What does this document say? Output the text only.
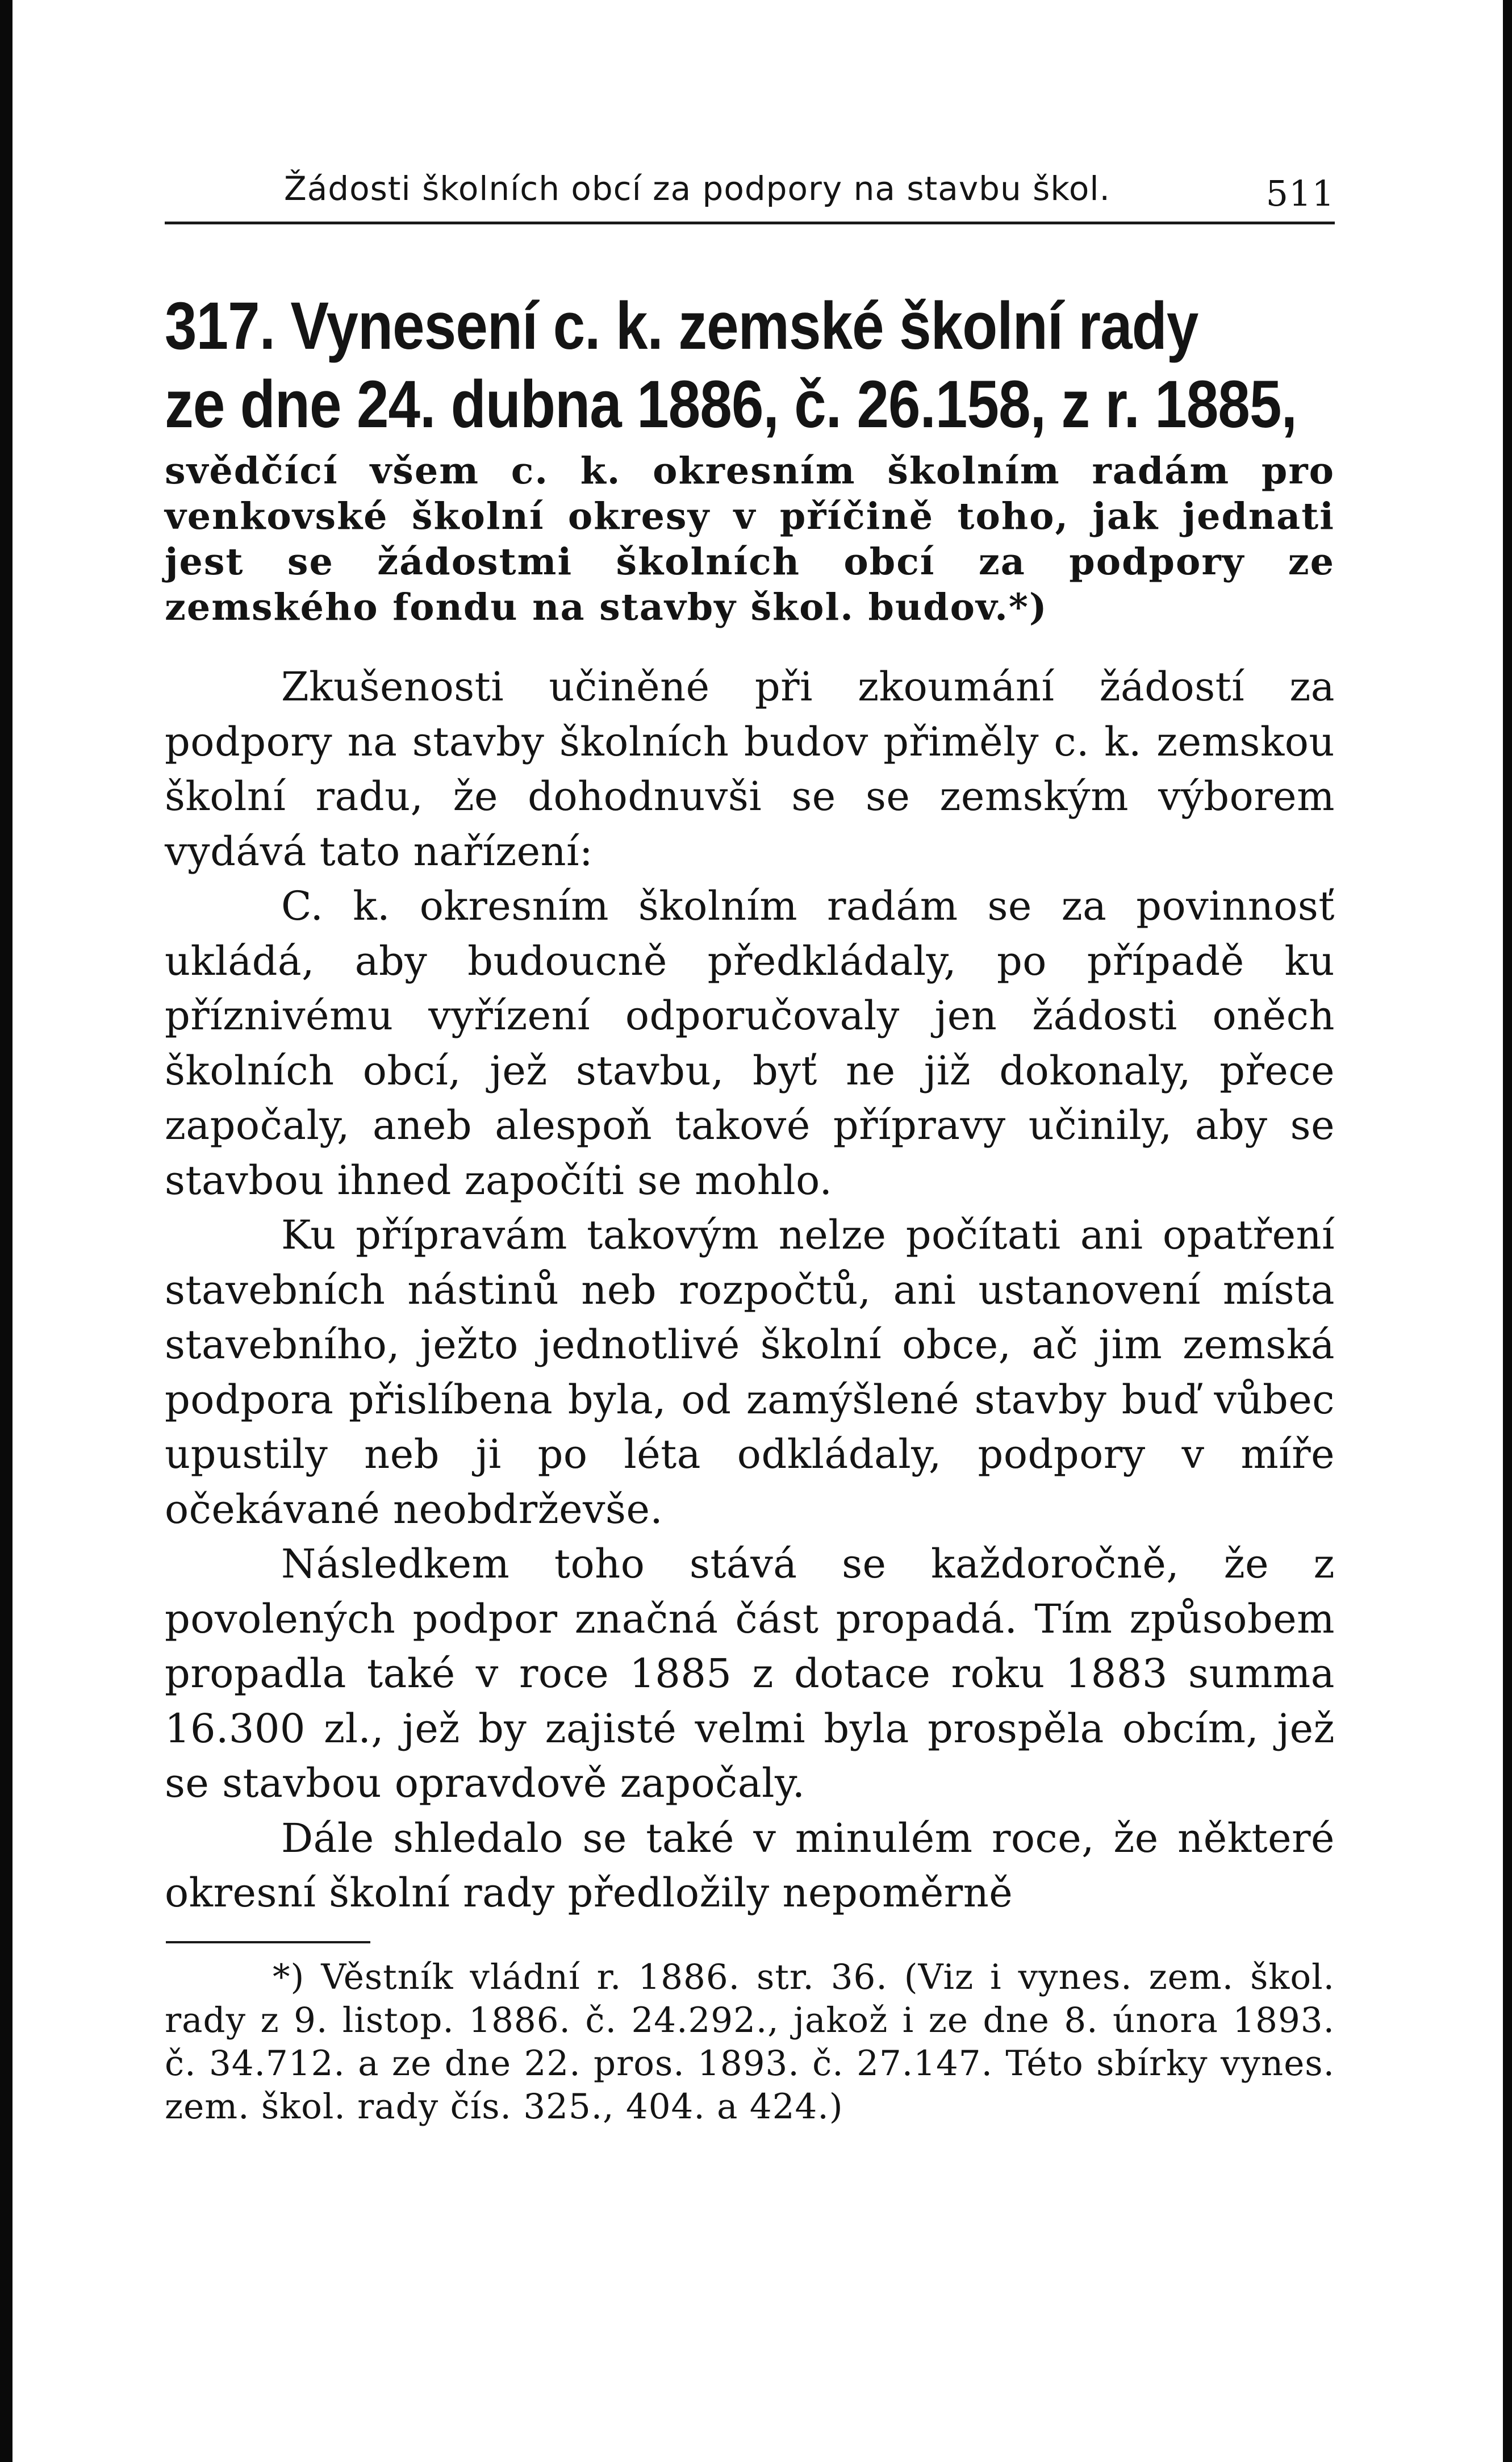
Žádosti školních obcí za podpory na stavbu škol.	511
317. Vynesení c. k. zemské školní rady
ze dne 24. dubna 1886, č. 26.158, z r. 1885,
svědčící všem c. k. okresním školním radám pro venkovské školní okresy v příčině toho, jak jednati jest se žádostmi školních obcí za podpory ze zemského fondu na stavby škol. budov.*)

Zkušenosti učiněné při zkoumání žádostí za podpory na stavby školních budov přiměly c. k. zemskou školní radu, že dohodnuvši se se zemským výborem vydává tato nařízení:

C. k. okresním školním radám se za povinnosť ukládá, aby budoucně předkládaly, po případě ku příznivému vyřízení odporučovaly jen žádosti oněch školních obcí, jež stavbu, byť ne již dokonaly, přece započaly, aneb alespoň takové přípravy učinily, aby se stavbou ihned započíti se mohlo.

Ku přípravám takovým nelze počítati ani opatření stavebních nástinů neb rozpočtů, ani ustanovení místa stavebního, ježto jednotlivé školní obce, ač jim zemská podpora přislíbena byla, od zamýšlené stavby buď vůbec upustily neb ji po léta odkládaly, podpory v míře očekávané neobdrževše.

Následkem toho stává se každoročně, že z povolených podpor značná část propadá. Tím způsobem propadla také v roce 1885 z dotace roku 1883 summa 16.300 zl., jež by zajisté velmi byla prospěla obcím, jež se stavbou opravdově započaly.

Dále shledalo se také v minulém roce, že některé okresní školní rady předložily nepoměrně

*) Věstník vládní r. 1886. str. 36. (Viz i vynes. zem. škol. rady z 9. listop. 1886. č. 24.292., jakož i ze dne 8. února 1893. č. 34.712. a ze dne 22. pros. 1893. č. 27.147. Této sbírky vynes. zem. škol. rady čís. 325., 404. a 424.)
